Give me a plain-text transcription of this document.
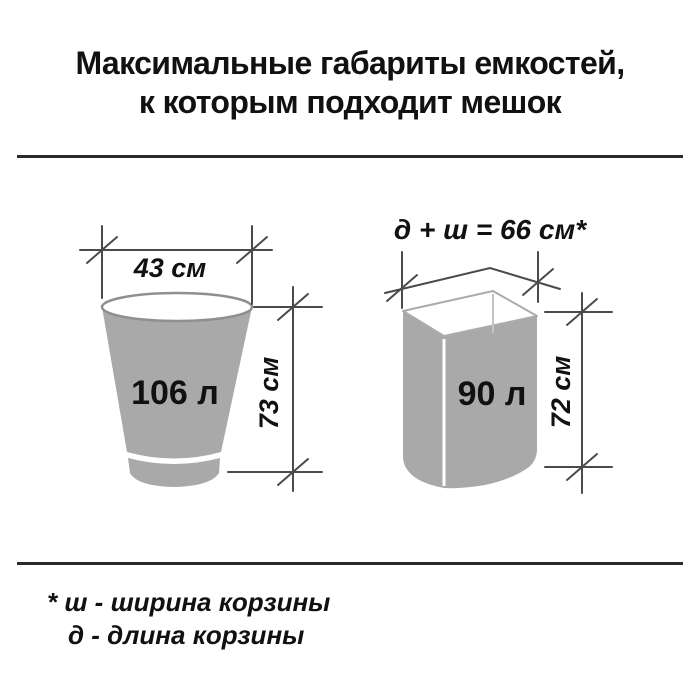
Максимальные габариты емкостей,
к которым подходит мешок
106 л
43 см
73 см	90 л
д + ш = 66 см*
72 см
* ш - ширина корзины
д - длина корзины
